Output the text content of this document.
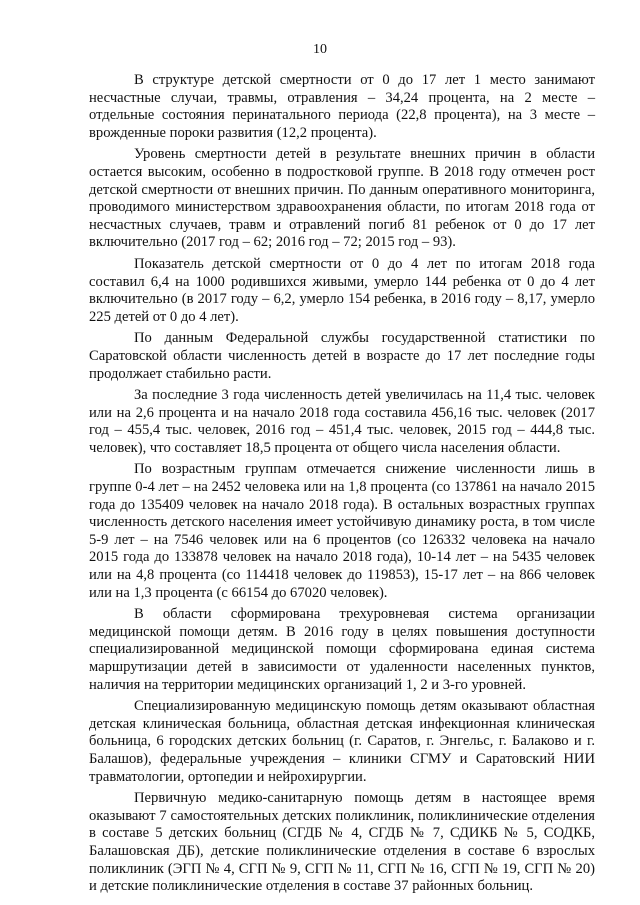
10

В структуре детской смертности от 0 до 17 лет 1 место занимают несчастные случаи, травмы, отравления – 34,24 процента, на 2 месте – отдельные состояния перинатального периода (22,8 процента), на 3 месте – врожденные пороки развития (12,2 процента).

Уровень смертности детей в результате внешних причин в области остается высоким, особенно в подростковой группе. В 2018 году отмечен рост детской смертности от внешних причин. По данным оперативного мониторинга, проводимого министерством здравоохранения области, по итогам 2018 года от несчастных случаев, травм и отравлений погиб 81 ребенок от 0 до 17 лет включительно (2017 год – 62; 2016 год – 72; 2015 год – 93).

Показатель детской смертности от 0 до 4 лет по итогам 2018 года составил 6,4 на 1000 родившихся живыми, умерло 144 ребенка от 0 до 4 лет включительно (в 2017 году – 6,2, умерло 154 ребенка, в 2016 году – 8,17, умерло 225 детей от 0 до 4 лет).

По данным Федеральной службы государственной статистики по Саратовской области численность детей в возрасте до 17 лет последние годы продолжает стабильно расти.

За последние 3 года численность детей увеличилась на 11,4 тыс. человек или на 2,6 процента и на начало 2018 года составила 456,16 тыс. человек (2017 год – 455,4 тыс. человек, 2016 год – 451,4 тыс. человек, 2015 год – 444,8 тыс. человек), что составляет 18,5 процента от общего числа населения области.

По возрастным группам отмечается снижение численности лишь в группе 0-4 лет – на 2452 человека или на 1,8 процента (со 137861 на начало 2015 года до 135409 человек на начало 2018 года). В остальных возрастных группах численность детского населения имеет устойчивую динамику роста, в том числе 5-9 лет – на 7546 человек или на 6 процентов (со 126332 человека на начало 2015 года до 133878 человек на начало 2018 года), 10-14 лет – на 5435 человек или на 4,8 процента (со 114418 человек до 119853), 15-17 лет – на 866 человек или на 1,3 процента (с 66154 до 67020 человек).

В области сформирована трехуровневая система организации медицинской помощи детям. В 2016 году в целях повышения доступности специализированной медицинской помощи сформирована единая система маршрутизации детей в зависимости от удаленности населенных пунктов, наличия на территории медицинских организаций 1, 2 и 3-го уровней.

Специализированную медицинскую помощь детям оказывают областная детская клиническая больница, областная детская инфекционная клиническая больница, 6 городских детских больниц (г. Саратов, г. Энгельс, г. Балаково и г. Балашов), федеральные учреждения – клиники СГМУ и Саратовский НИИ травматологии, ортопедии и нейрохирургии.

Первичную медико-санитарную помощь детям в настоящее время оказывают 7 самостоятельных детских поликлиник, поликлинические отделения в составе 5 детских больниц (СГДБ № 4, СГДБ № 7, СДИКБ № 5, СОДКБ, Балашовская ДБ), детские поликлинические отделения в составе 6 взрослых поликлиник (ЭГП № 4, СГП № 9, СГП № 11, СГП № 16, СГП № 19, СГП № 20) и детские поликлинические отделения в составе 37 районных больниц.
